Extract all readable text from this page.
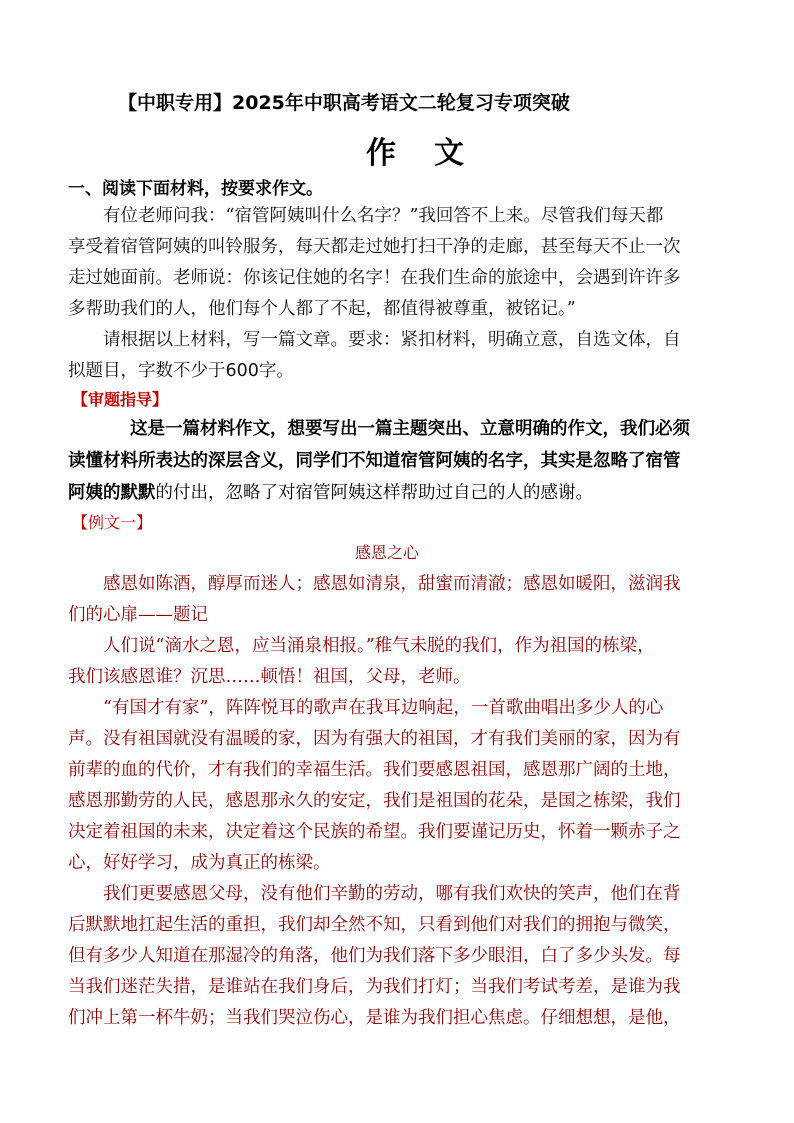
【中职专用】2025年中职高考语文二轮复习专项突破
作文
一、阅读下面材料，按要求作文。
有位老师问我：“宿管阿姨叫什么名字？”我回答不上来。尽管我们每天都
享受着宿管阿姨的叫铃服务，每天都走过她打扫干净的走廊，甚至每天不止一次
走过她面前。老师说：你该记住她的名字！在我们生命的旅途中，会遇到许许多
多帮助我们的人，他们每个人都了不起，都值得被尊重，被铭记。”
请根据以上材料，写一篇文章。要求：紧扣材料，明确立意，自选文体，自
拟题目，字数不少于600字。
【审题指导】
这是一篇材料作文，想要写出一篇主题突出、立意明确的作文，我们必须
读懂材料所表达的深层含义，同学们不知道宿管阿姨的名字，其实是忽略了宿管
阿姨的默默的付出，忽略了对宿管阿姨这样帮助过自己的人的感谢。
【例文一】
感恩之心
感恩如陈酒，醇厚而迷人；感恩如清泉，甜蜜而清澈；感恩如暖阳，滋润我
们的心扉——题记
人们说“滴水之恩，应当涌泉相报。”稚气未脱的我们，作为祖国的栋梁，
我们该感恩谁？沉思……顿悟！祖国，父母，老师。
“有国才有家”，阵阵悦耳的歌声在我耳边响起，一首歌曲唱出多少人的心
声。没有祖国就没有温暖的家，因为有强大的祖国，才有我们美丽的家，因为有
前辈的血的代价，才有我们的幸福生活。我们要感恩祖国，感恩那广阔的土地，
感恩那勤劳的人民，感恩那永久的安定，我们是祖国的花朵，是国之栋梁，我们
决定着祖国的未来，决定着这个民族的希望。我们要谨记历史，怀着一颗赤子之
心，好好学习，成为真正的栋梁。
我们更要感恩父母，没有他们辛勤的劳动，哪有我们欢快的笑声，他们在背
后默默地扛起生活的重担，我们却全然不知，只看到他们对我们的拥抱与微笑，
但有多少人知道在那湿冷的角落，他们为我们落下多少眼泪，白了多少头发。每
当我们迷茫失措，是谁站在我们身后，为我们打灯；当我们考试考差，是谁为我
们冲上第一杯牛奶；当我们哭泣伤心，是谁为我们担心焦虑。仔细想想，是他，
